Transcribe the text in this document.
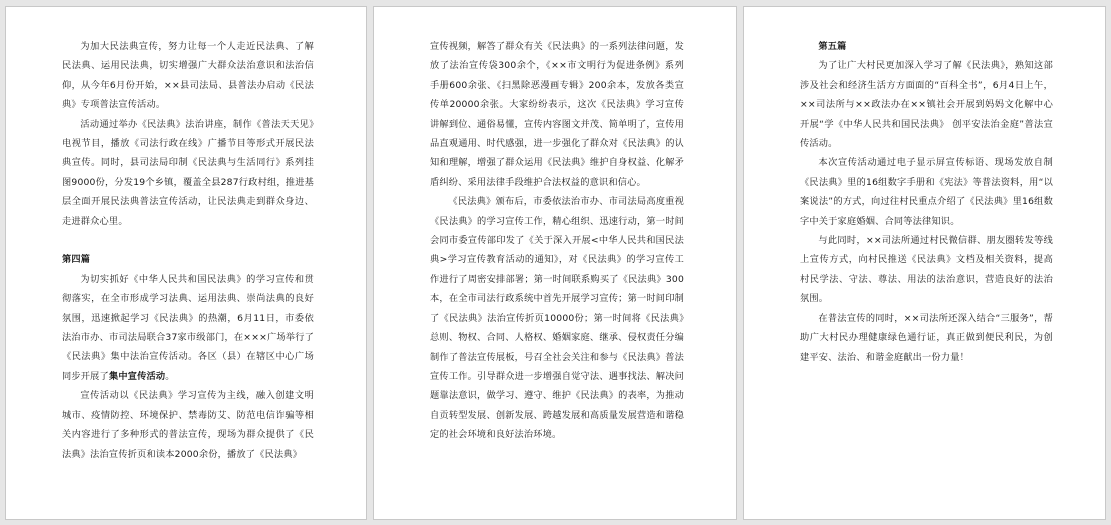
为加大民法典宣传，努力让每一个人走近民法典、了解民法典、运用民法典，切实增强广大群众法治意识和法治信仰，从今年6月份开始，××县司法局、县普法办启动《民法典》专项普法宣传活动。

活动通过举办《民法典》法治讲座，制作《普法天天见》电视节目，播放《司法行政在线》广播节目等形式开展民法典宣传。同时，县司法局印制《民法典与生活同行》系列挂图9000份，分发19个乡镇，覆盖全县287行政村组，推进基层全面开展民法典普法宣传活动，让民法典走到群众身边、走进群众心里。

第四篇

为切实抓好《中华人民共和国民法典》的学习宣传和贯彻落实，在全市形成学习法典、运用法典、崇尚法典的良好氛围，迅速掀起学习《民法典》的热潮，6月11日，市委依法治市办、市司法局联合37家市级部门，在×××广场举行了《民法典》集中法治宣传活动。各区（县）在辖区中心广场同步开展了集中宣传活动。

宣传活动以《民法典》学习宣传为主线，融入创建文明城市、疫情防控、环境保护、禁毒防艾、防范电信诈骗等相关内容进行了多种形式的普法宣传，现场为群众提供了《民法典》法治宣传折页和读本2000余份，播放了《民法典》

宣传视频，解答了群众有关《民法典》的一系列法律问题，发放了法治宣传袋300余个，《××市文明行为促进条例》系列手册600余张、《扫黑除恶漫画专辑》200余本，发放各类宣传单20000余张。大家纷纷表示，这次《民法典》学习宣传讲解到位、通俗易懂，宣传内容图文并茂、简单明了，宣传用品直观通用、时代感强，进一步强化了群众对《民法典》的认知和理解，增强了群众运用《民法典》维护自身权益、化解矛盾纠纷、采用法律手段维护合法权益的意识和信心。

《民法典》颁布后，市委依法治市办、市司法局高度重视《民法典》的学习宣传工作，精心组织、迅速行动，第一时间会同市委宣传部印发了《关于深入开展<中华人民共和国民法典>学习宣传教育活动的通知》，对《民法典》的学习宣传工作进行了周密安排部署；第一时间联系购买了《民法典》300本，在全市司法行政系统中首先开展学习宣传；第一时间印制了《民法典》法治宣传折页10000份；第一时间将《民法典》总则、物权、合同、人格权、婚姻家庭、继承、侵权责任分编制作了普法宣传展板，号召全社会关注和参与《民法典》普法宣传工作。引导群众进一步增强自觉守法、遇事找法、解决问题靠法意识，做学习、遵守、维护《民法典》的表率，为推动自贡转型发展、创新发展、跨越发展和高质量发展营造和谐稳定的社会环境和良好法治环境。

第五篇

为了让广大村民更加深入学习了解《民法典》，熟知这部涉及社会和经济生活方方面面的“百科全书”，6月4日上午，××司法所与××政法办在××镇社会开展到妈妈文化解中心开展“学《中华人民共和国民法典》 创平安法治金庭”普法宣传活动。

本次宣传活动通过电子显示屏宣传标语、现场发放自制《民法典》里的16组数字手册和《宪法》等普法资料，用“以案说法”的方式，向过往村民重点介绍了《民法典》里16组数字中关于家庭婚姻、合同等法律知识。

与此同时，××司法所通过村民微信群、朋友圈转发等线上宣传方式，向村民推送《民法典》文档及相关资料，提高村民学法、守法、尊法、用法的法治意识，营造良好的法治氛围。

在普法宣传的同时，××司法所还深入结合“三服务”，帮助广大村民办理健康绿色通行证，真正做到便民利民，为创建平安、法治、和谐金庭献出一份力量！
